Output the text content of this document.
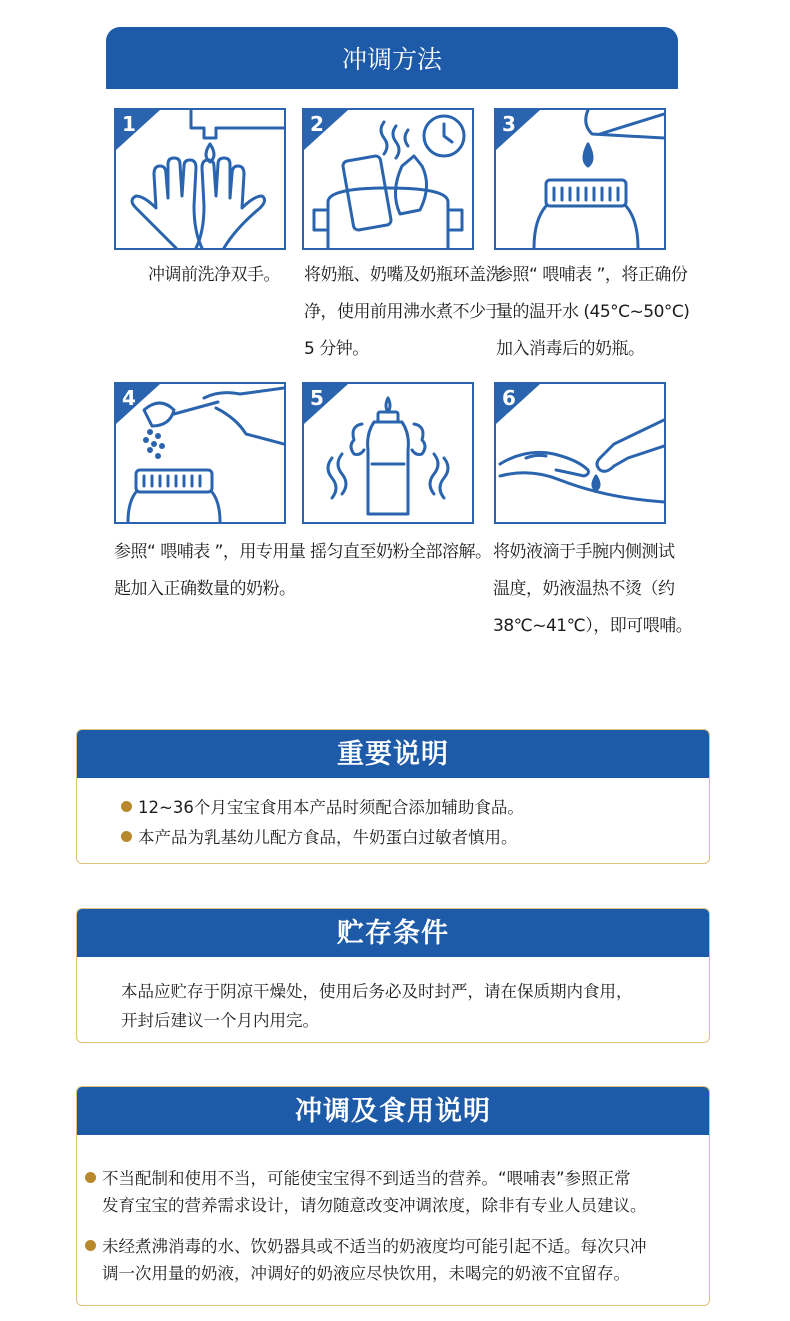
冲调方法
1
冲调前洗净双手。
2
将奶瓶、奶嘴及奶瓶环盖洗
净，使用前用沸水煮不少于
5 分钟。
3
参照“ 喂哺表 ”，将正确份
量的温开水 (45°C~50°C)
加入消毒后的奶瓶。
4
参照“ 喂哺表 ”，用专用量
匙加入正确数量的奶粉。
5
摇匀直至奶粉全部溶解。
6
将奶液滴于手腕内侧测试
温度，奶液温热不烫（约
38℃~41℃），即可喂哺。
重要说明
12~36个月宝宝食用本产品时须配合添加辅助食品。
本产品为乳基幼儿配方食品，牛奶蛋白过敏者慎用。
贮存条件
本品应贮存于阴凉干燥处，使用后务必及时封严，请在保质期内食用，
开封后建议一个月内用完。
冲调及食用说明
不当配制和使用不当，可能使宝宝得不到适当的营养。“喂哺表”参照正常
发育宝宝的营养需求设计，请勿随意改变冲调浓度，除非有专业人员建议。
未经煮沸消毒的水、饮奶器具或不适当的奶液度均可能引起不适。每次只冲
调一次用量的奶液，冲调好的奶液应尽快饮用，未喝完的奶液不宜留存。
